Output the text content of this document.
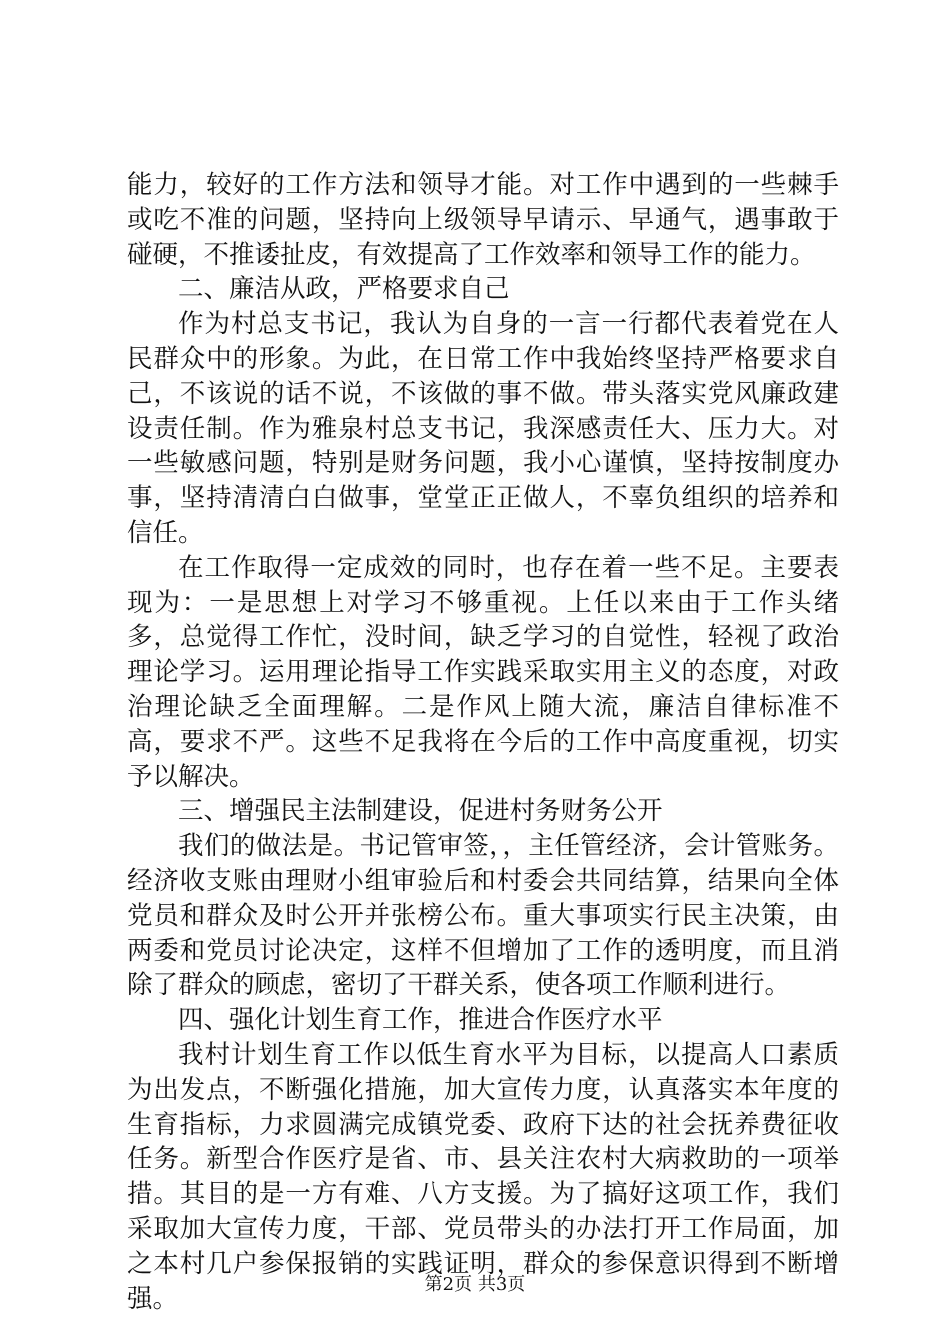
能力，较好的工作方法和领导才能。对工作中遇到的一些棘手或吃不准的问题，坚持向上级领导早请示、早通气，遇事敢于碰硬，不推诿扯皮，有效提高了工作效率和领导工作的能力。

二、廉洁从政，严格要求自己

作为村总支书记，我认为自身的一言一行都代表着党在人民群众中的形象。为此，在日常工作中我始终坚持严格要求自己，不该说的话不说，不该做的事不做。带头落实党风廉政建设责任制。作为雅泉村总支书记，我深感责任大、压力大。对一些敏感问题，特别是财务问题，我小心谨慎，坚持按制度办事，坚持清清白白做事，堂堂正正做人，不辜负组织的培养和信任。

在工作取得一定成效的同时，也存在着一些不足。主要表现为：一是思想上对学习不够重视。上任以来由于工作头绪多，总觉得工作忙，没时间，缺乏学习的自觉性，轻视了政治理论学习。运用理论指导工作实践采取实用主义的态度，对政治理论缺乏全面理解。二是作风上随大流，廉洁自律标准不高，要求不严。这些不足我将在今后的工作中高度重视，切实予以解决。

三、增强民主法制建设，促进村务财务公开

我们的做法是。书记管审签，，主任管经济，会计管账务。经济收支账由理财小组审验后和村委会共同结算，结果向全体党员和群众及时公开并张榜公布。重大事项实行民主决策，由两委和党员讨论决定，这样不但增加了工作的透明度，而且消除了群众的顾虑，密切了干群关系，使各项工作顺利进行。

四、强化计划生育工作，推进合作医疗水平

我村计划生育工作以低生育水平为目标，以提高人口素质为出发点，不断强化措施，加大宣传力度，认真落实本年度的生育指标，力求圆满完成镇党委、政府下达的社会抚养费征收任务。新型合作医疗是省、市、县关注农村大病救助的一项举措。其目的是一方有难、八方支援。为了搞好这项工作，我们采取加大宣传力度，干部、党员带头的办法打开工作局面，加之本村几户参保报销的实践证明，群众的参保意识得到不断增强。	第2页 共3页
